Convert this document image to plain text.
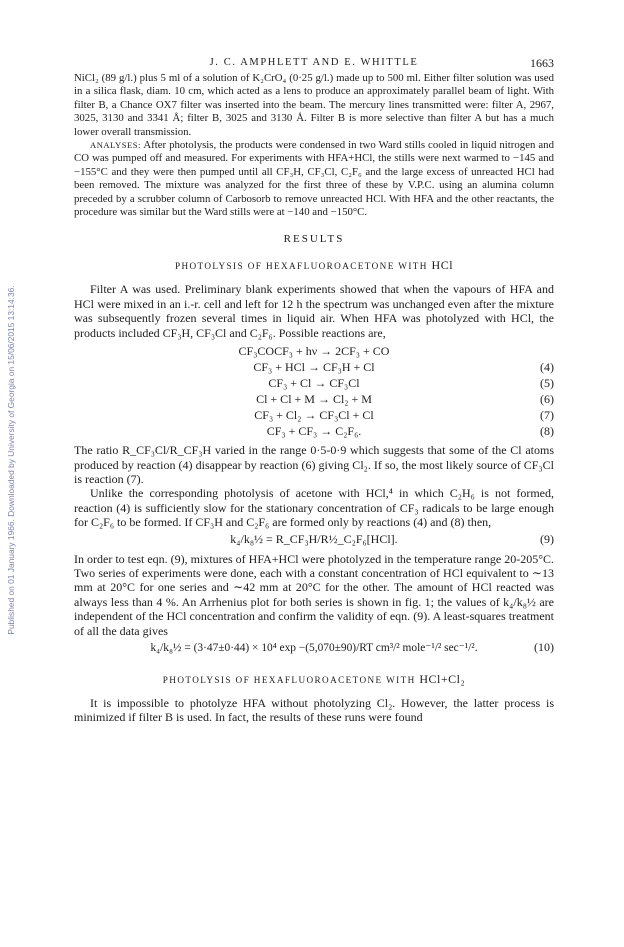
Published on 01 January 1966. Downloaded by University of Georgia on 15/06/2015 13:14:36.
J. C. AMPHLETT AND E. WHITTLE	1663

NiCl₂ (89 g/l.) plus 5 ml of a solution of K₂CrO₄ (0·25 g/l.) made up to 500 ml. Either filter solution was used in a silica flask, diam. 10 cm, which acted as a lens to produce an approximately parallel beam of light. With filter B, a Chance OX7 filter was inserted into the beam. The mercury lines transmitted were: filter A, 2967, 3025, 3130 and 3341 Å; filter B, 3025 and 3130 Å. Filter B is more selective than filter A but has a much lower overall transmission.

ANALYSES: After photolysis, the products were condensed in two Ward stills cooled in liquid nitrogen and CO was pumped off and measured. For experiments with HFA+HCl, the stills were next warmed to −145 and −155°C and they were then pumped until all CF₃H, CF₃Cl, C₂F₆ and the large excess of unreacted HCl had been removed. The mixture was analyzed for the first three of these by V.P.C. using an alumina column preceded by a scrubber column of Carbosorb to remove unreacted HCl. With HFA and the other reactants, the procedure was similar but the Ward stills were at −140 and −150°C.

RESULTS
PHOTOLYSIS OF HEXAFLUOROACETONE WITH HCl

Filter A was used. Preliminary blank experiments showed that when the vapours of HFA and HCl were mixed in an i.-r. cell and left for 12 h the spectrum was unchanged even after the mixture was subsequently frozen several times in liquid air. When HFA was photolyzed with HCl, the products included CF₃H, CF₃Cl and C₂F₆. Possible reactions are,

CF₃COCF₃ + hν → 2CF₃ + CO
CF₃ + HCl → CF₃H + Cl	(4)
CF₃ + Cl → CF₃Cl	(5)
Cl + Cl + M → Cl₂ + M	(6)
CF₃ + Cl₂ → CF₃Cl + Cl	(7)
CF₃ + CF₃ → C₂F₆.	(8)

The ratio R_CF₃Cl/R_CF₃H varied in the range 0·5-0·9 which suggests that some of the Cl atoms produced by reaction (4) disappear by reaction (6) giving Cl₂. If so, the most likely source of CF₃Cl is reaction (7).

Unlike the corresponding photolysis of acetone with HCl,⁴ in which C₂H₆ is not formed, reaction (4) is sufficiently slow for the stationary concentration of CF₃ radicals to be large enough for C₂F₆ to be formed. If CF₃H and C₂F₆ are formed only by reactions (4) and (8) then,

k₄/k₈½ = R_CF₃H/R½_C₂F₆[HCl].	(9)

In order to test eqn. (9), mixtures of HFA+HCl were photolyzed in the temperature range 20-205°C. Two series of experiments were done, each with a constant concentration of HCl equivalent to ∼13 mm at 20°C for one series and ∼42 mm at 20°C for the other. The amount of HCl reacted was always less than 4 %. An Arrhenius plot for both series is shown in fig. 1; the values of k₄/k₈½ are independent of the HCl concentration and confirm the validity of eqn. (9). A least-squares treatment of all the data gives

k₄/k₈½ = (3·47±0·44) × 10⁴ exp −(5,070±90)/RT cm³/² mole⁻¹/² sec⁻¹/².	(10)
PHOTOLYSIS OF HEXAFLUOROACETONE WITH HCl+Cl₂

It is impossible to photolyze HFA without photolyzing Cl₂. However, the latter process is minimized if filter B is used. In fact, the results of these runs were found
